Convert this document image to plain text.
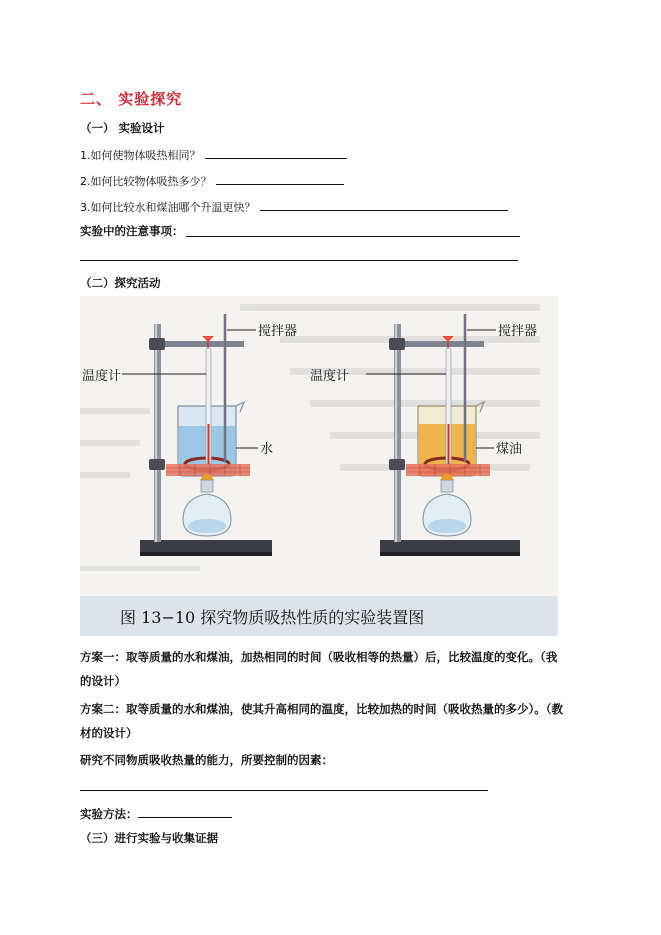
二、 实验探究
（一） 实验设计
1.如何使物体吸热相同？
2.如何比较物体吸热多少？
3.如何比较水和煤油哪个升温更快？
实验中的注意事项：
（二）探究活动
搅拌器
温度计
水
搅拌器
温度计
煤油
图 13−10 探究物质吸热性质的实验装置图
方案一：取等质量的水和煤油，加热相同的时间（吸收相等的热量）后，比较温度的变化。（我
的设计）
方案二：取等质量的水和煤油，使其升高相同的温度，比较加热的时间（吸收热量的多少）。（教
材的设计）
研究不同物质吸收热量的能力，所要控制的因素：
实验方法：
（三）进行实验与收集证据
